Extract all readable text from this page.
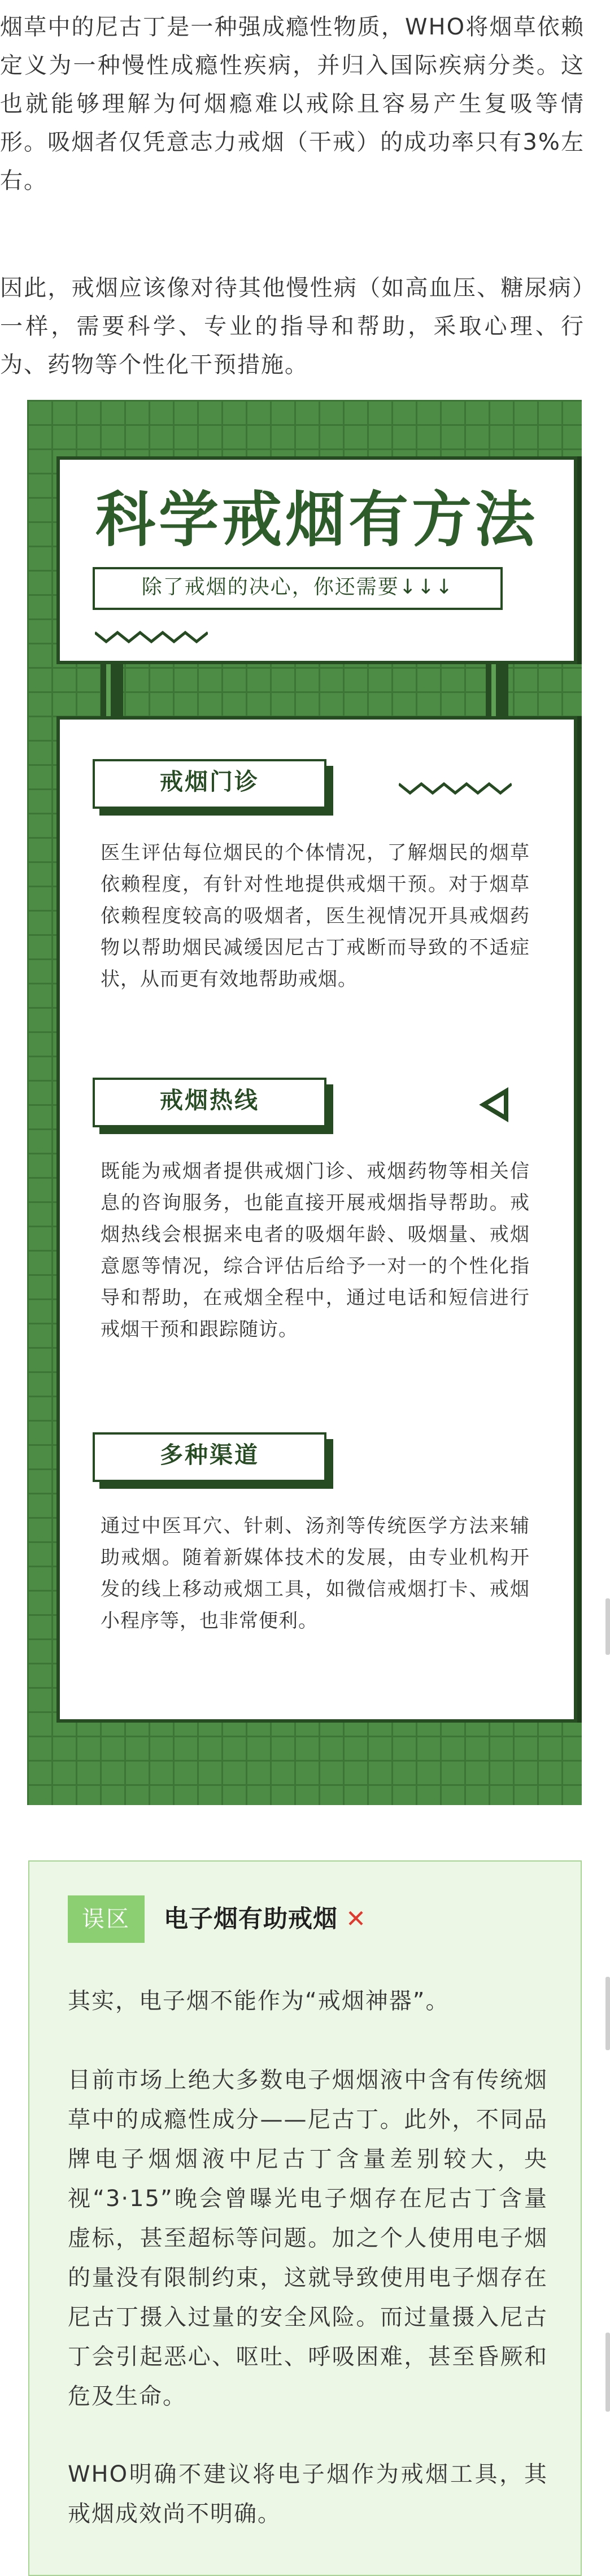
烟草中的尼古丁是一种强成瘾性物质，WHO将烟草依赖定义为一种慢性成瘾性疾病，并归入国际疾病分类。这也就能够理解为何烟瘾难以戒除且容易产生复吸等情形。吸烟者仅凭意志力戒烟（干戒）的成功率只有3%左右。

因此，戒烟应该像对待其他慢性病（如高血压、糖尿病）一样，需要科学、专业的指导和帮助，采取心理、行为、药物等个性化干预措施。

科学戒烟有方法
除了戒烟的决心，你还需要↓↓↓
戒烟门诊

医生评估每位烟民的个体情况，了解烟民的烟草依赖程度，有针对性地提供戒烟干预。对于烟草依赖程度较高的吸烟者，医生视情况开具戒烟药物以帮助烟民减缓因尼古丁戒断而导致的不适症状，从而更有效地帮助戒烟。

戒烟热线

既能为戒烟者提供戒烟门诊、戒烟药物等相关信息的咨询服务，也能直接开展戒烟指导帮助。戒烟热线会根据来电者的吸烟年龄、吸烟量、戒烟意愿等情况，综合评估后给予一对一的个性化指导和帮助，在戒烟全程中，通过电话和短信进行戒烟干预和跟踪随访。

多种渠道

通过中医耳穴、针刺、汤剂等传统医学方法来辅助戒烟。随着新媒体技术的发展，由专业机构开发的线上移动戒烟工具，如微信戒烟打卡、戒烟小程序等，也非常便利。

误区	电子烟有助戒烟 ✕

其实，电子烟不能作为“戒烟神器”。

目前市场上绝大多数电子烟烟液中含有传统烟草中的成瘾性成分——尼古丁。此外，不同品牌电子烟烟液中尼古丁含量差别较大，央视“3·15”晚会曾曝光电子烟存在尼古丁含量虚标，甚至超标等问题。加之个人使用电子烟的量没有限制约束，这就导致使用电子烟存在尼古丁摄入过量的安全风险。而过量摄入尼古丁会引起恶心、呕吐、呼吸困难，甚至昏厥和危及生命。

WHO明确不建议将电子烟作为戒烟工具，其戒烟成效尚不明确。
